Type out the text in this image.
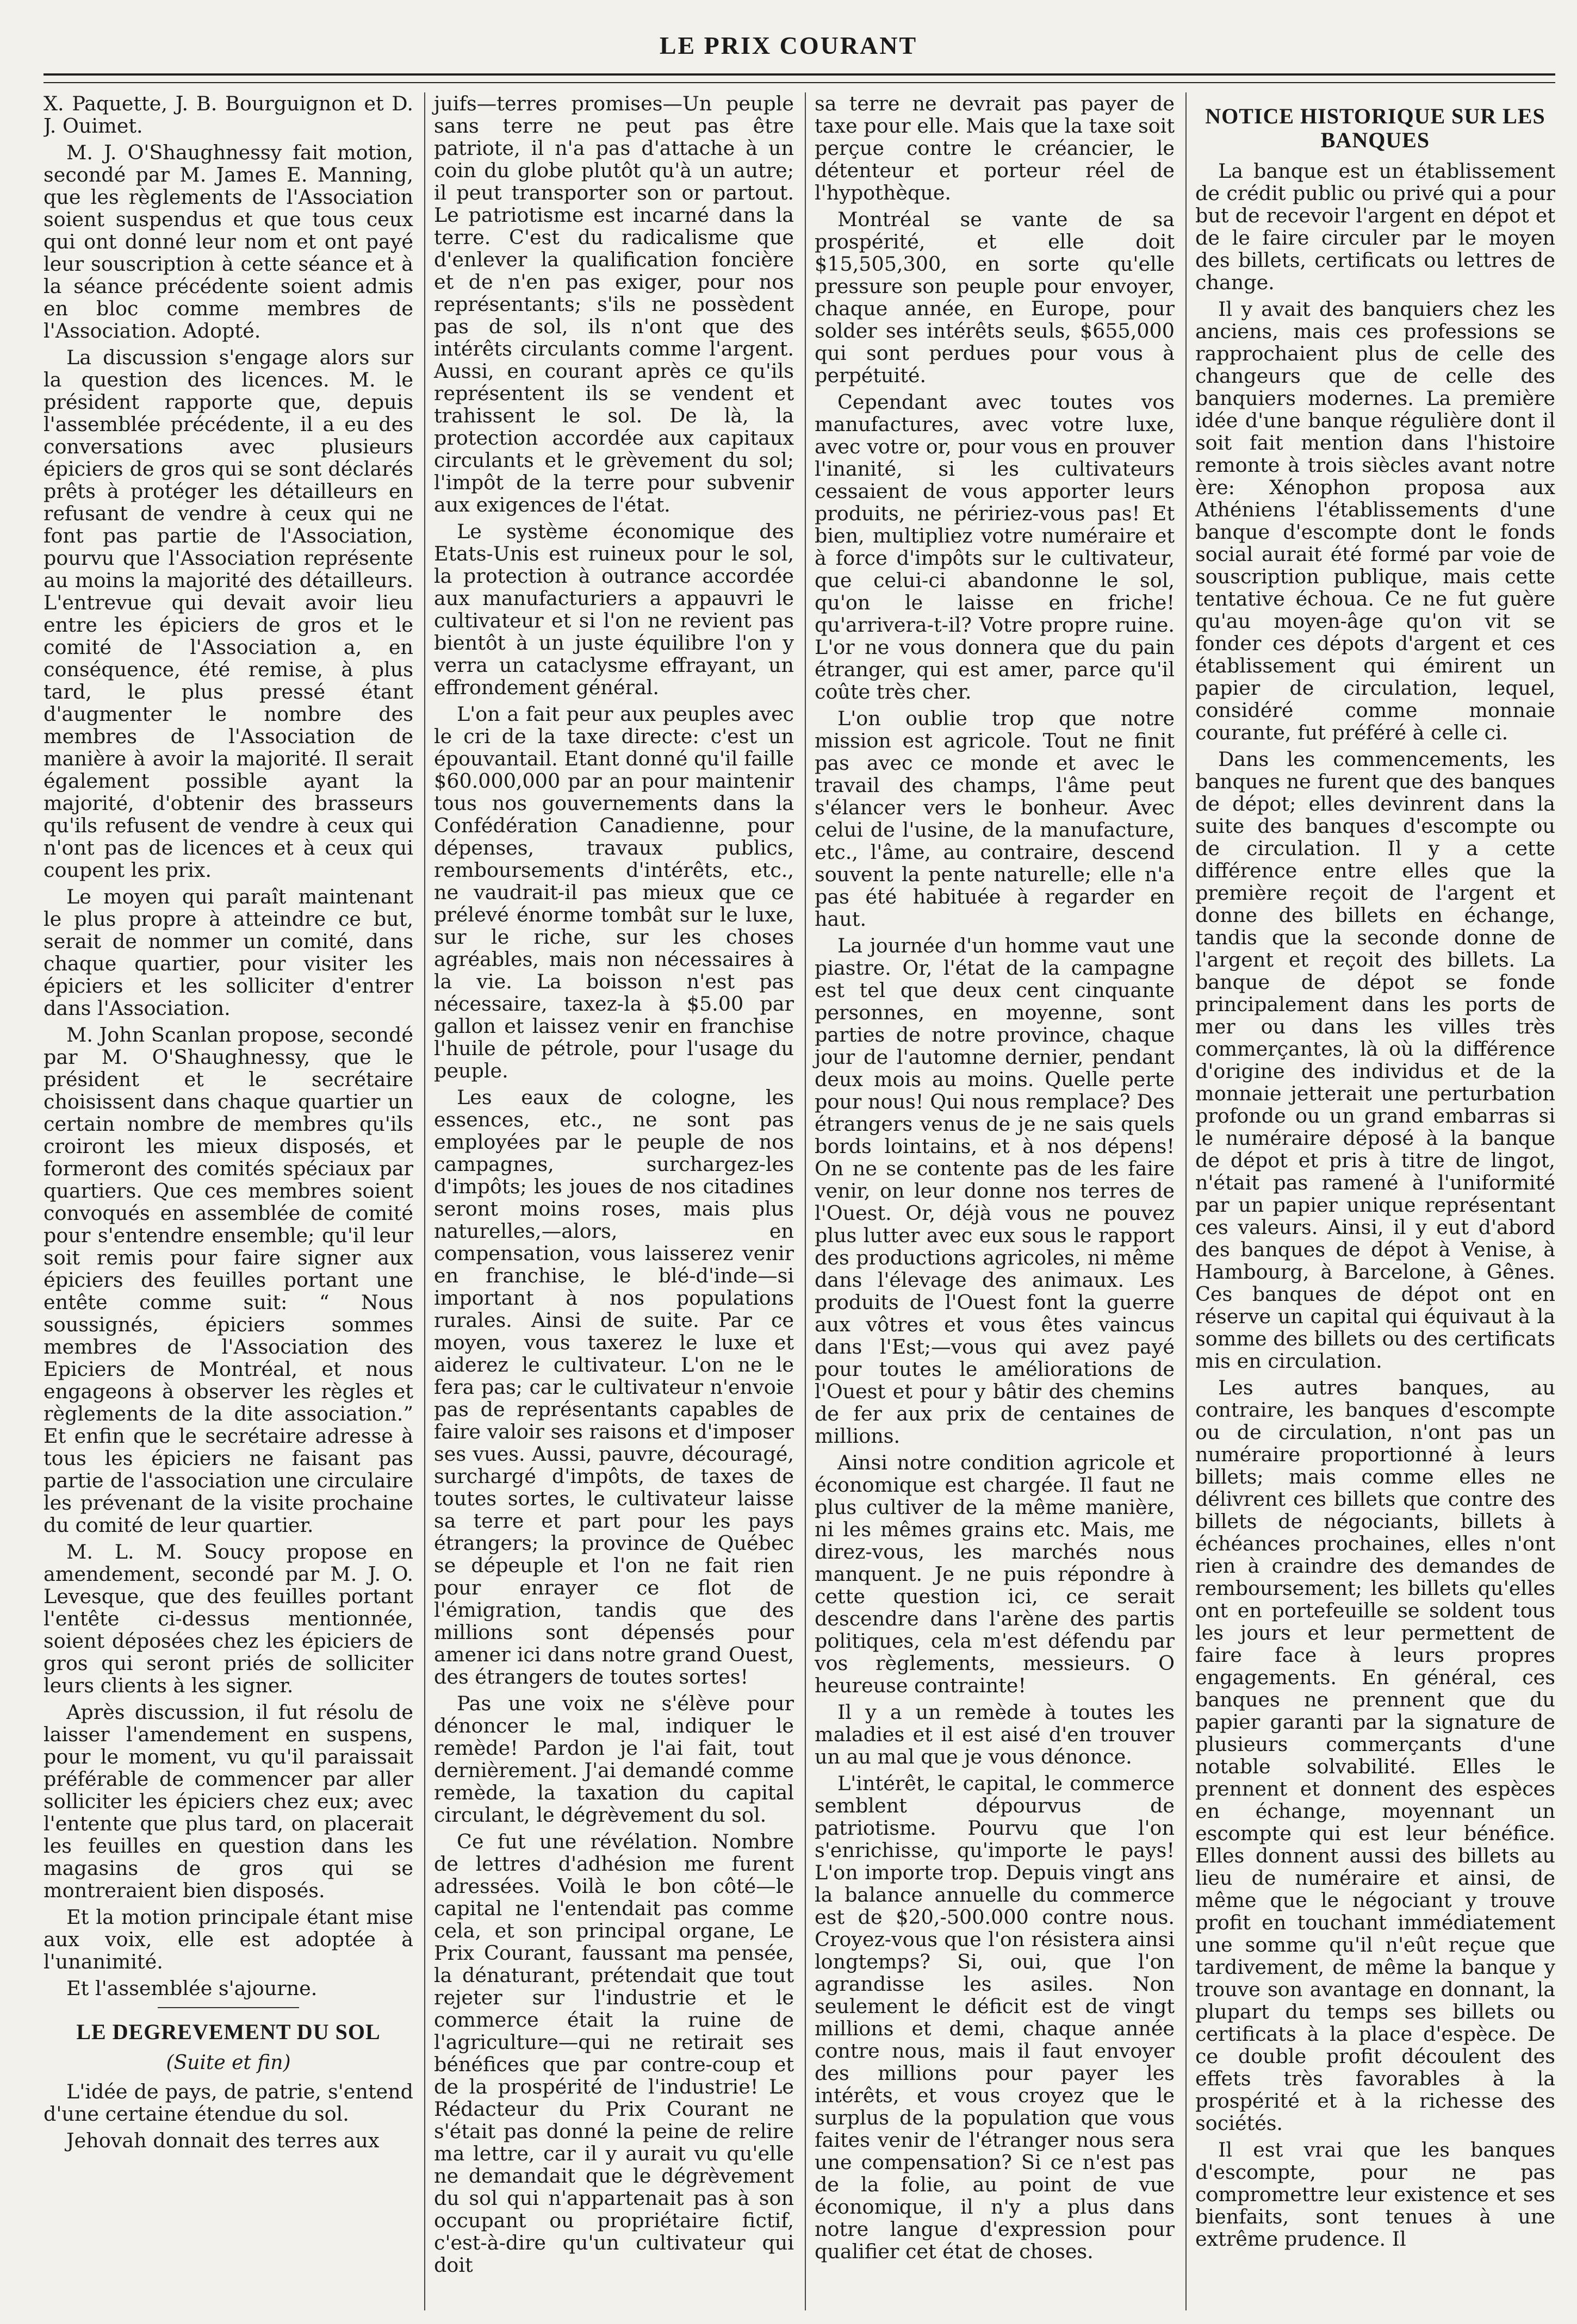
LE PRIX COURANT

X. Paquette, J. B. Bourguignon et D. J. Ouimet.

M. J. O'Shaughnessy fait motion, secondé par M. James E. Manning, que les règlements de l'Association soient suspendus et que tous ceux qui ont donné leur nom et ont payé leur souscription à cette séance et à la séance précédente soient admis en bloc comme membres de l'Association. Adopté.

La discussion s'engage alors sur la question des licences. M. le président rapporte que, depuis l'assemblée précédente, il a eu des conversations avec plusieurs épiciers de gros qui se sont déclarés prêts à protéger les détailleurs en refusant de vendre à ceux qui ne font pas partie de l'Association, pourvu que l'Association représente au moins la majorité des détailleurs. L'entrevue qui devait avoir lieu entre les épiciers de gros et le comité de l'Association a, en conséquence, été remise, à plus tard, le plus pressé étant d'augmenter le nombre des membres de l'Association de manière à avoir la majorité. Il serait également possible ayant la majorité, d'obtenir des brasseurs qu'ils refusent de vendre à ceux qui n'ont pas de licences et à ceux qui coupent les prix.

Le moyen qui paraît maintenant le plus propre à atteindre ce but, serait de nommer un comité, dans chaque quartier, pour visiter les épiciers et les solliciter d'entrer dans l'Association.

M. John Scanlan propose, secondé par M. O'Shaughnessy, que le président et le secrétaire choisissent dans chaque quartier un certain nombre de membres qu'ils croiront les mieux disposés, et formeront des comités spéciaux par quartiers. Que ces membres soient convoqués en assemblée de comité pour s'entendre ensemble; qu'il leur soit remis pour faire signer aux épiciers des feuilles portant une entête comme suit: “ Nous soussignés, épiciers sommes membres de l'Association des Epiciers de Montréal, et nous engageons à observer les règles et règlements de la dite association.” Et enfin que le secrétaire adresse à tous les épiciers ne faisant pas partie de l'association une circulaire les prévenant de la visite prochaine du comité de leur quartier.

M. L. M. Soucy propose en amendement, secondé par M. J. O. Levesque, que des feuilles portant l'entête ci-dessus mentionnée, soient déposées chez les épiciers de gros qui seront priés de solliciter leurs clients à les signer.

Après discussion, il fut résolu de laisser l'amendement en suspens, pour le moment, vu qu'il paraissait préférable de commencer par aller solliciter les épiciers chez eux; avec l'entente que plus tard, on placerait les feuilles en question dans les magasins de gros qui se montreraient bien disposés.

Et la motion principale étant mise aux voix, elle est adoptée à l'unanimité.

Et l'assemblée s'ajourne.

LE DEGREVEMENT DU SOL

(Suite et fin)

L'idée de pays, de patrie, s'entend d'une certaine étendue du sol.

Jehovah donnait des terres aux

juifs—terres promises—Un peuple sans terre ne peut pas être patriote, il n'a pas d'attache à un coin du globe plutôt qu'à un autre; il peut transporter son or partout. Le patriotisme est incarné dans la terre. C'est du radicalisme que d'enlever la qualification foncière et de n'en pas exiger, pour nos représentants; s'ils ne possèdent pas de sol, ils n'ont que des intérêts circulants comme l'argent. Aussi, en courant après ce qu'ils représentent ils se vendent et trahissent le sol. De là, la protection accordée aux capitaux circulants et le grèvement du sol; l'impôt de la terre pour subvenir aux exigences de l'état.

Le système économique des Etats-Unis est ruineux pour le sol, la protection à outrance accordée aux manufacturiers a appauvri le cultivateur et si l'on ne revient pas bientôt à un juste équilibre l'on y verra un cataclysme effrayant, un effrondement général.

L'on a fait peur aux peuples avec le cri de la taxe directe: c'est un épouvantail. Etant donné qu'il faille $60.000,000 par an pour maintenir tous nos gouvernements dans la Confédération Canadienne, pour dépenses, travaux publics, remboursements d'intérêts, etc., ne vaudrait-il pas mieux que ce prélevé énorme tombât sur le luxe, sur le riche, sur les choses agréables, mais non nécessaires à la vie. La boisson n'est pas nécessaire, taxez-la à $5.00 par gallon et laissez venir en franchise l'huile de pétrole, pour l'usage du peuple.

Les eaux de cologne, les essences, etc., ne sont pas employées par le peuple de nos campagnes, surchargez-les d'impôts; les joues de nos citadines seront moins roses, mais plus naturelles,—alors, en compensation, vous laisserez venir en franchise, le blé-d'inde—si important à nos populations rurales. Ainsi de suite. Par ce moyen, vous taxerez le luxe et aiderez le cultivateur. L'on ne le fera pas; car le cultivateur n'envoie pas de représentants capables de faire valoir ses raisons et d'imposer ses vues. Aussi, pauvre, découragé, surchargé d'impôts, de taxes de toutes sortes, le cultivateur laisse sa terre et part pour les pays étrangers; la province de Québec se dépeuple et l'on ne fait rien pour enrayer ce flot de l'émigration, tandis que des millions sont dépensés pour amener ici dans notre grand Ouest, des étrangers de toutes sortes!

Pas une voix ne s'élève pour dénoncer le mal, indiquer le remède! Pardon je l'ai fait, tout dernièrement. J'ai demandé comme remède, la taxation du capital circulant, le dégrèvement du sol.

Ce fut une révélation. Nombre de lettres d'adhésion me furent adressées. Voilà le bon côté—le capital ne l'entendait pas comme cela, et son principal organe, Le Prix Courant, faussant ma pensée, la dénaturant, prétendait que tout rejeter sur l'industrie et le commerce était la ruine de l'agriculture—qui ne retirait ses bénéfices que par contre-coup et de la prospérité de l'industrie! Le Rédacteur du Prix Courant ne s'était pas donné la peine de relire ma lettre, car il y aurait vu qu'elle ne demandait que le dégrèvement du sol qui n'appartenait pas à son occupant ou propriétaire fictif, c'est-à-dire qu'un cultivateur qui doit

sa terre ne devrait pas payer de taxe pour elle. Mais que la taxe soit perçue contre le créancier, le détenteur et porteur réel de l'hypothèque.

Montréal se vante de sa prospérité, et elle doit $15,505,300, en sorte qu'elle pressure son peuple pour envoyer, chaque année, en Europe, pour solder ses intérêts seuls, $655,000 qui sont perdues pour vous à perpétuité.

Cependant avec toutes vos manufactures, avec votre luxe, avec votre or, pour vous en prouver l'inanité, si les cultivateurs cessaient de vous apporter leurs produits, ne péririez-vous pas! Et bien, multipliez votre numéraire et à force d'impôts sur le cultivateur, que celui-ci abandonne le sol, qu'on le laisse en friche! qu'arrivera-t-il? Votre propre ruine. L'or ne vous donnera que du pain étranger, qui est amer, parce qu'il coûte très cher.

L'on oublie trop que notre mission est agricole. Tout ne finit pas avec ce monde et avec le travail des champs, l'âme peut s'élancer vers le bonheur. Avec celui de l'usine, de la manufacture, etc., l'âme, au contraire, descend souvent la pente naturelle; elle n'a pas été habituée à regarder en haut.

La journée d'un homme vaut une piastre. Or, l'état de la campagne est tel que deux cent cinquante personnes, en moyenne, sont parties de notre province, chaque jour de l'automne dernier, pendant deux mois au moins. Quelle perte pour nous! Qui nous remplace? Des étrangers venus de je ne sais quels bords lointains, et à nos dépens! On ne se contente pas de les faire venir, on leur donne nos terres de l'Ouest. Or, déjà vous ne pouvez plus lutter avec eux sous le rapport des productions agricoles, ni même dans l'élevage des animaux. Les produits de l'Ouest font la guerre aux vôtres et vous êtes vaincus dans l'Est;—vous qui avez payé pour toutes le améliorations de l'Ouest et pour y bâtir des chemins de fer aux prix de centaines de millions.

Ainsi notre condition agricole et économique est chargée. Il faut ne plus cultiver de la même manière, ni les mêmes grains etc. Mais, me direz-vous, les marchés nous manquent. Je ne puis répondre à cette question ici, ce serait descendre dans l'arène des partis politiques, cela m'est défendu par vos règlements, messieurs. O heureuse contrainte!

Il y a un remède à toutes les maladies et il est aisé d'en trouver un au mal que je vous dénonce.

L'intérêt, le capital, le commerce semblent dépourvus de patriotisme. Pourvu que l'on s'enrichisse, qu'importe le pays! L'on importe trop. Depuis vingt ans la balance annuelle du commerce est de $20,-500.000 contre nous. Croyez-vous que l'on résistera ainsi longtemps? Si, oui, que l'on agrandisse les asiles. Non seulement le déficit est de vingt millions et demi, chaque année contre nous, mais il faut envoyer des millions pour payer les intérêts, et vous croyez que le surplus de la population que vous faites venir de l'étranger nous sera une compensation? Si ce n'est pas de la folie, au point de vue économique, il n'y a plus dans notre langue d'expression pour qualifier cet état de choses.

NOTICE HISTORIQUE SUR LES BANQUES

La banque est un établissement de crédit public ou privé qui a pour but de recevoir l'argent en dépot et de le faire circuler par le moyen des billets, certificats ou lettres de change.

Il y avait des banquiers chez les anciens, mais ces professions se rapprochaient plus de celle des changeurs que de celle des banquiers modernes. La première idée d'une banque régulière dont il soit fait mention dans l'histoire remonte à trois siècles avant notre ère: Xénophon proposa aux Athéniens l'établissements d'une banque d'escompte dont le fonds social aurait été formé par voie de souscription publique, mais cette tentative échoua. Ce ne fut guère qu'au moyen-âge qu'on vit se fonder ces dépots d'argent et ces établissement qui émirent un papier de circulation, lequel, considéré comme monnaie courante, fut préféré à celle ci.

Dans les commencements, les banques ne furent que des banques de dépot; elles devinrent dans la suite des banques d'escompte ou de circulation. Il y a cette différence entre elles que la première reçoit de l'argent et donne des billets en échange, tandis que la seconde donne de l'argent et reçoit des billets. La banque de dépot se fonde principalement dans les ports de mer ou dans les villes très commerçantes, là où la différence d'origine des individus et de la monnaie jetterait une perturbation profonde ou un grand embarras si le numéraire déposé à la banque de dépot et pris à titre de lingot, n'était pas ramené à l'uniformité par un papier unique représentant ces valeurs. Ainsi, il y eut d'abord des banques de dépot à Venise, à Hambourg, à Barcelone, à Gênes. Ces banques de dépot ont en réserve un capital qui équivaut à la somme des billets ou des certificats mis en circulation.

Les autres banques, au contraire, les banques d'escompte ou de circulation, n'ont pas un numéraire proportionné à leurs billets; mais comme elles ne délivrent ces billets que contre des billets de négociants, billets à échéances prochaines, elles n'ont rien à craindre des demandes de remboursement; les billets qu'elles ont en portefeuille se soldent tous les jours et leur permettent de faire face à leurs propres engagements. En général, ces banques ne prennent que du papier garanti par la signature de plusieurs commerçants d'une notable solvabilité. Elles le prennent et donnent des espèces en échange, moyennant un escompte qui est leur bénéfice. Elles donnent aussi des billets au lieu de numéraire et ainsi, de même que le négociant y trouve profit en touchant immédiatement une somme qu'il n'eût reçue que tardivement, de même la banque y trouve son avantage en donnant, la plupart du temps ses billets ou certificats à la place d'espèce. De ce double profit découlent des effets très favorables à la prospérité et à la richesse des sociétés.

Il est vrai que les banques d'escompte, pour ne pas compromettre leur existence et ses bienfaits, sont tenues à une extrême prudence. Il
